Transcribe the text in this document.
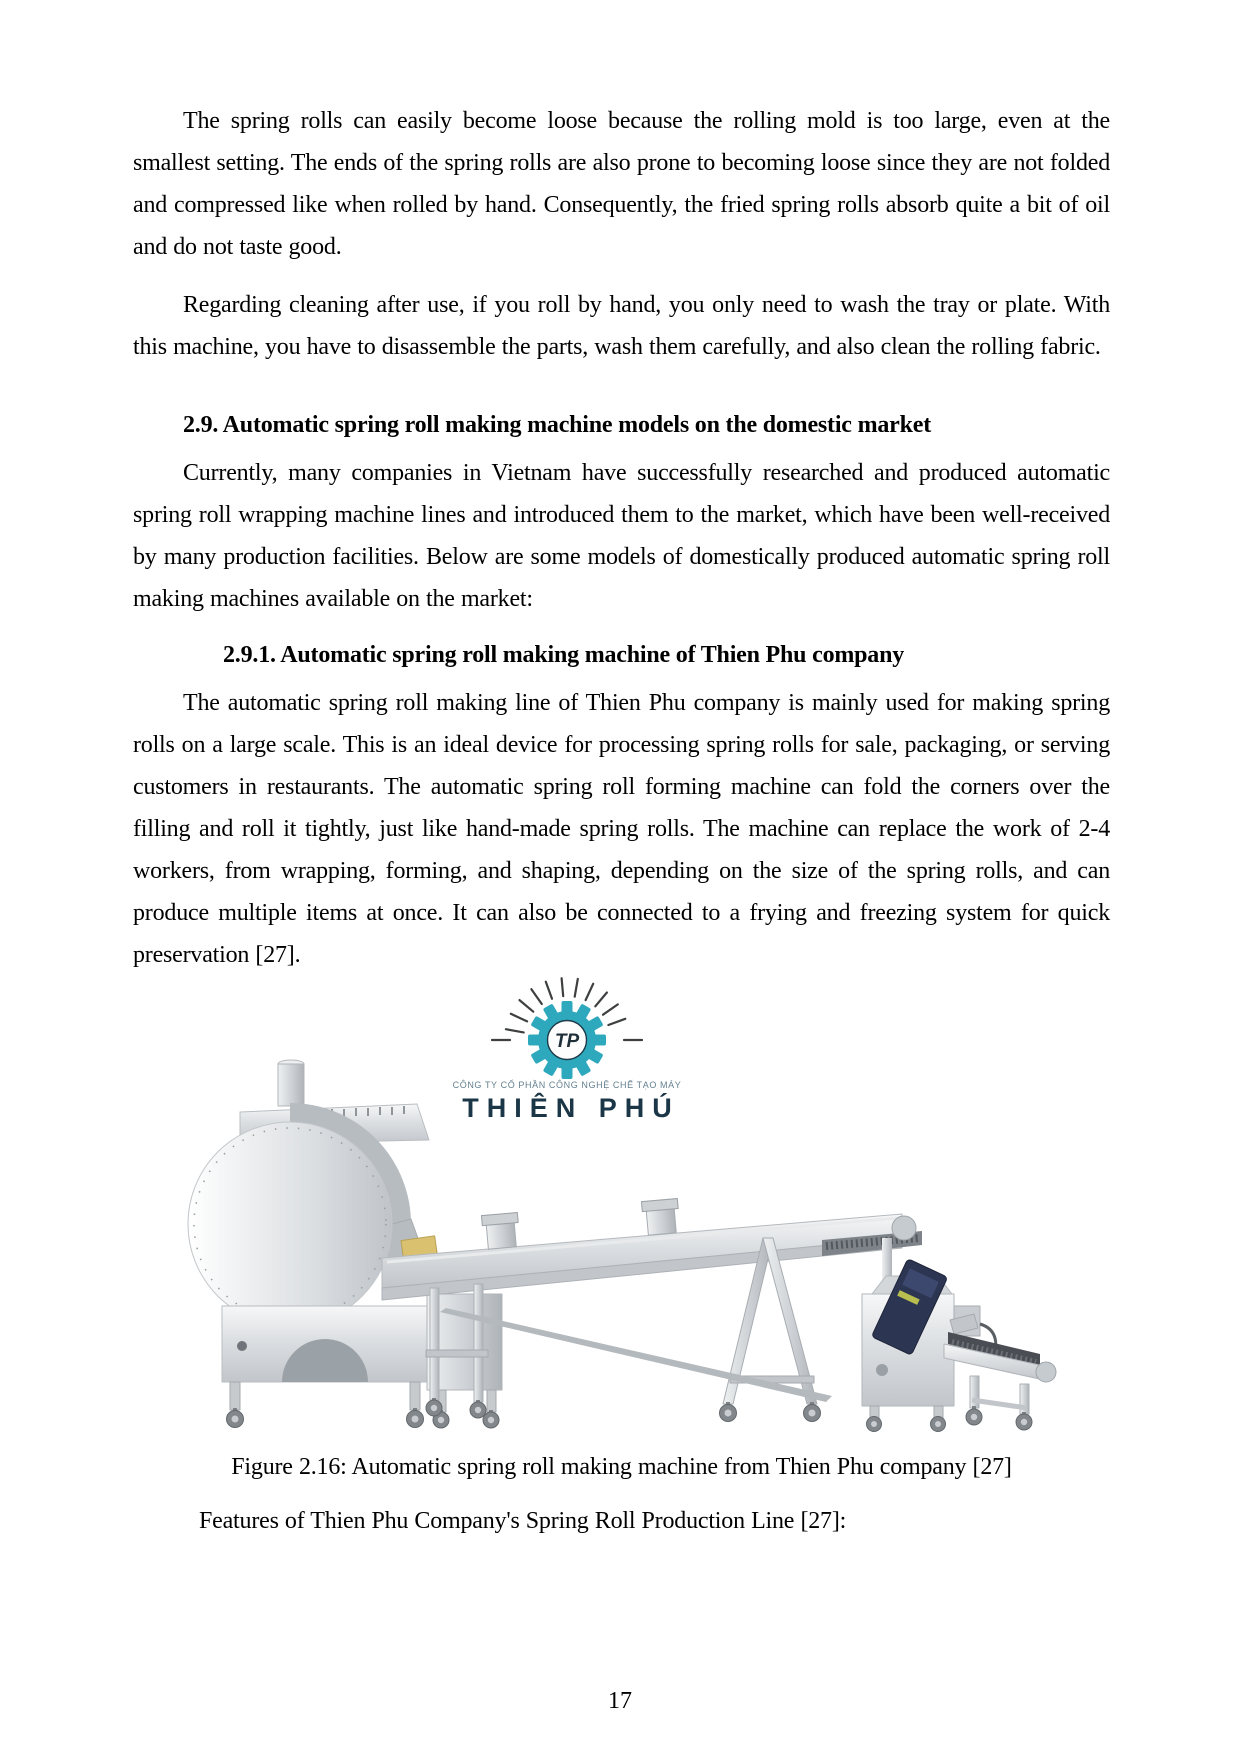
The spring rolls can easily become loose because the rolling mold is too large, even at the smallest setting. The ends of the spring rolls are also prone to becoming loose since they are not folded and compressed like when rolled by hand. Consequently, the fried spring rolls absorb quite a bit of oil and do not taste good.

Regarding cleaning after use, if you roll by hand, you only need to wash the tray or plate. With this machine, you have to disassemble the parts, wash them carefully, and also clean the rolling fabric.

2.9. Automatic spring roll making machine models on the domestic market

Currently, many companies in Vietnam have successfully researched and produced automatic spring roll wrapping machine lines and introduced them to the market, which have been well-received by many production facilities. Below are some models of domestically produced automatic spring roll making machines available on the market:

2.9.1. Automatic spring roll making machine of Thien Phu company

The automatic spring roll making line of Thien Phu company is mainly used for making spring rolls on a large scale. This is an ideal device for processing spring rolls for sale, packaging, or serving customers in restaurants. The automatic spring roll forming machine can fold the corners over the filling and roll it tightly, just like hand-made spring rolls. The machine can replace the work of 2-4 workers, from wrapping, forming, and shaping, depending on the size of the spring rolls, and can produce multiple items at once. It can also be connected to a frying and freezing system for quick preservation [27].

TP
CÔNG TY CỔ PHẦN CÔNG NGHỆ CHẾ TẠO MÁY
THIÊN PHÚ

Figure 2.16: Automatic spring roll making machine from Thien Phu company [27]

Features of Thien Phu Company's Spring Roll Production Line [27]:

17
